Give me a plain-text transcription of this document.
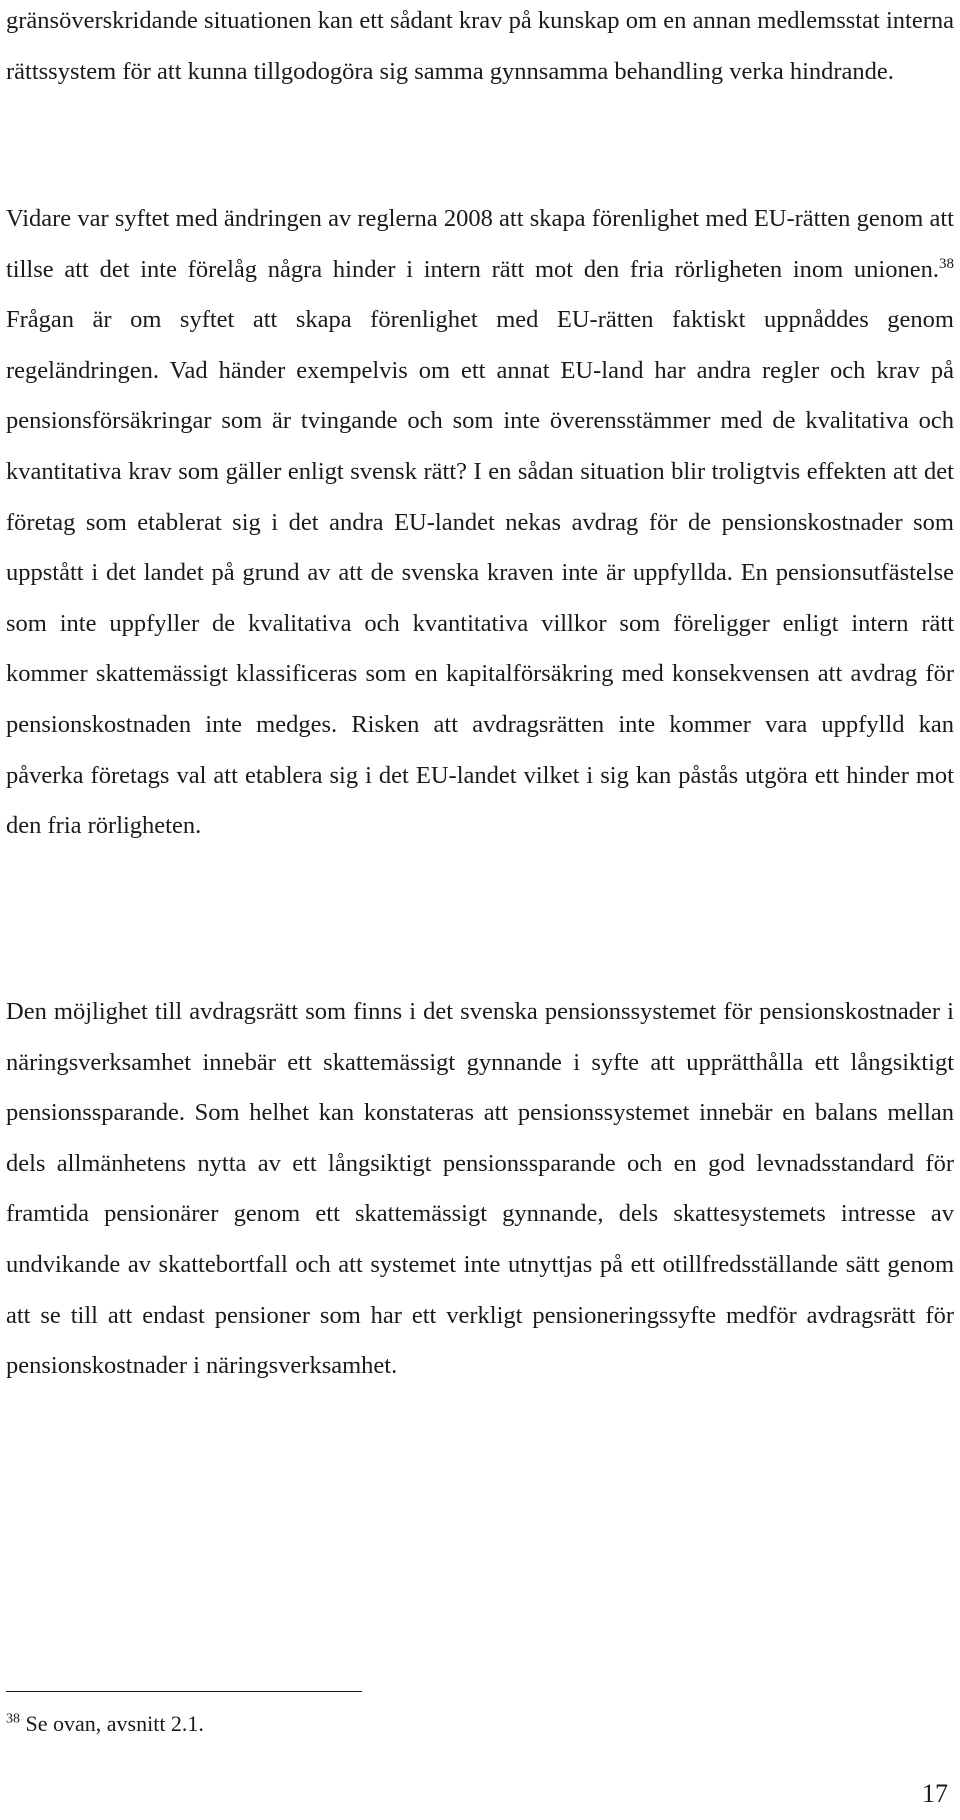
gränsöverskridande situationen kan ett sådant krav på kunskap om en annan medlemsstat interna rättssystem för att kunna tillgodogöra sig samma gynnsamma behandling verka hindrande.

Vidare var syftet med ändringen av reglerna 2008 att skapa förenlighet med EU-rätten genom att tillse att det inte förelåg några hinder i intern rätt mot den fria rörligheten inom unionen.$^{38}$ Frågan är om syftet att skapa förenlighet med EU-rätten faktiskt uppnåddes genom regeländringen. Vad händer exempelvis om ett annat EU-land har andra regler och krav på pensionsförsäkringar som är tvingande och som inte överensstämmer med de kvalitativa och kvantitativa krav som gäller enligt svensk rätt? I en sådan situation blir troligtvis effekten att det företag som etablerat sig i det andra EU-landet nekas avdrag för de pensionskostnader som uppstått i det landet på grund av att de svenska kraven inte är uppfyllda. En pensionsutfästelse som inte uppfyller de kvalitativa och kvantitativa villkor som föreligger enligt intern rätt kommer skattemässigt klassificeras som en kapitalförsäkring med konsekvensen att avdrag för pensionskostnaden inte medges. Risken att avdragsrätten inte kommer vara uppfylld kan påverka företags val att etablera sig i det EU-landet vilket i sig kan påstås utgöra ett hinder mot den fria rörligheten.

Den möjlighet till avdragsrätt som finns i det svenska pensionssystemet för pensionskostnader i näringsverksamhet innebär ett skattemässigt gynnande i syfte att upprätthålla ett långsiktigt pensionssparande. Som helhet kan konstateras att pensionssystemet innebär en balans mellan dels allmänhetens nytta av ett långsiktigt pensionssparande och en god levnadsstandard för framtida pensionärer genom ett skattemässigt gynnande, dels skattesystemets intresse av undvikande av skattebortfall och att systemet inte utnyttjas på ett otillfredsställande sätt genom att se till att endast pensioner som har ett verkligt pensioneringssyfte medför avdragsrätt för pensionskostnader i näringsverksamhet.

$^{38}$ Se ovan, avsnitt 2.1.
17
